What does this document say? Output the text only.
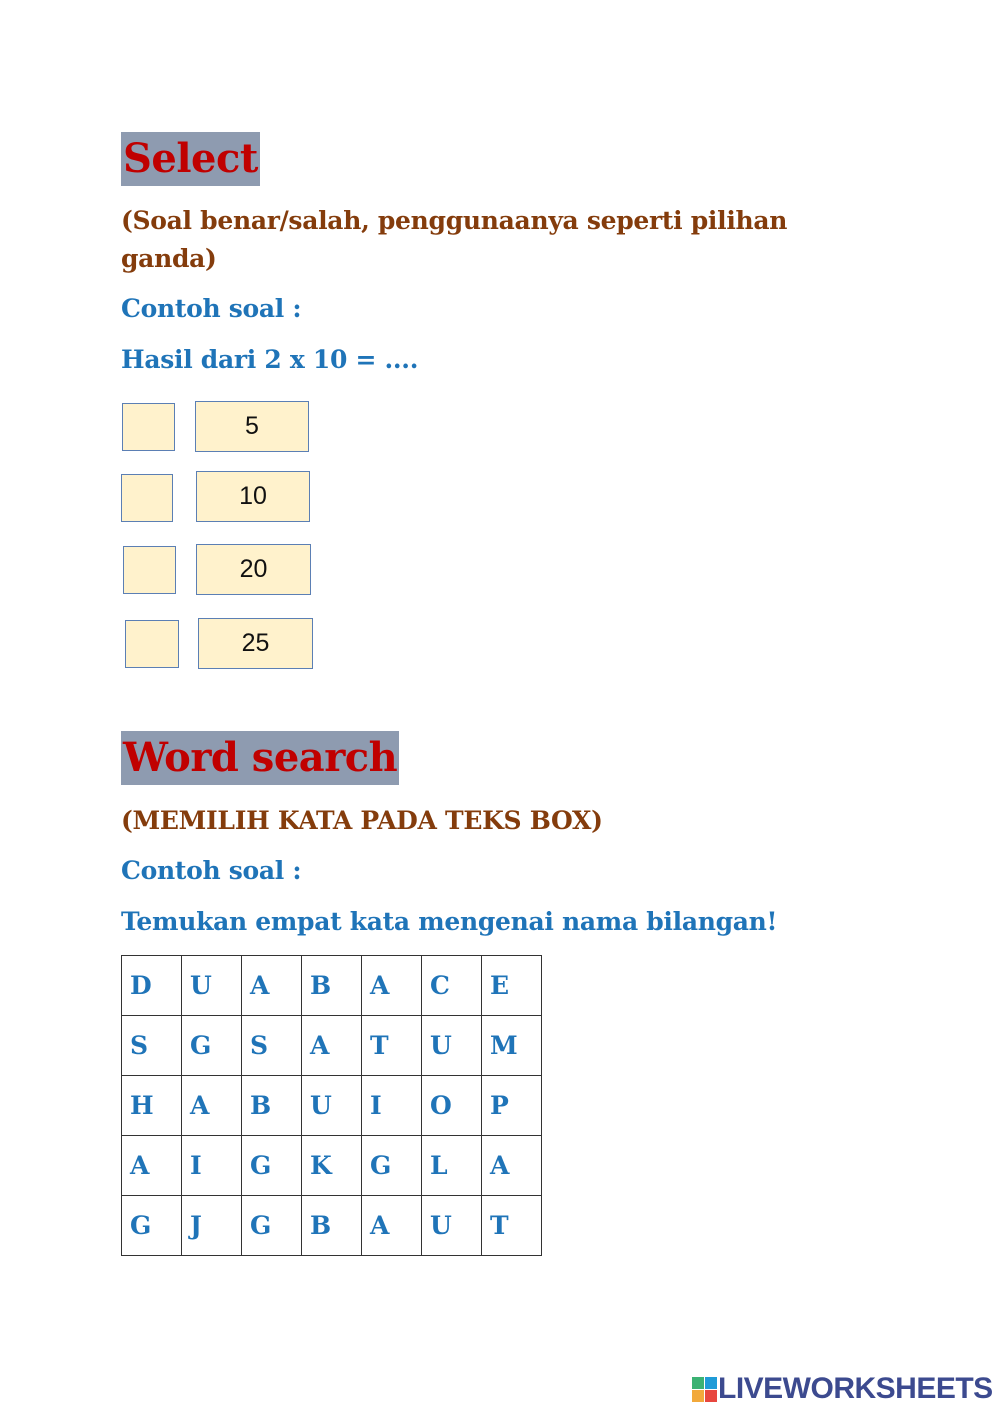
Select
(Soal benar/salah, penggunaanya seperti pilihan ganda)
Contoh soal :
Hasil dari 2 x 10 = ....
5
10
20
25
Word search
(MEMILIH KATA PADA TEKS BOX)
Contoh soal :
Temukan empat kata mengenai nama bilangan!
D	U	A	B	A	C	E
S	G	S	A	T	U	M
H	A	B	U	I	O	P
A	I	G	K	G	L	A
G	J	G	B	A	U	T
LIVEWORKSHEETS
